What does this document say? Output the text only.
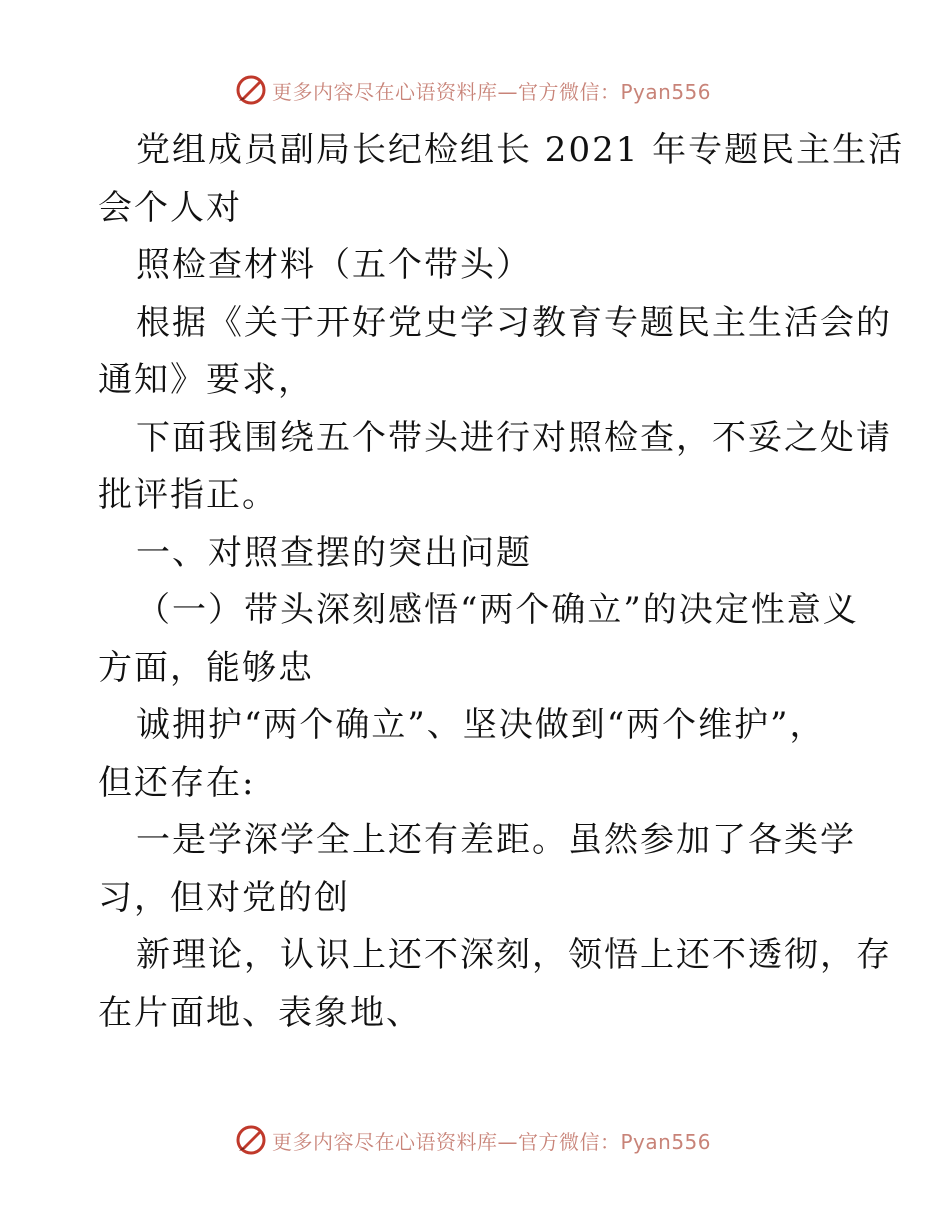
更多内容尽在心语资料库—官方微信：Pyan556

党组成员副局长纪检组长 2021 年专题民主生活

会个人对

照检查材料（五个带头）

根据《关于开好党史学习教育专题民主生活会的

通知》要求，

下面我围绕五个带头进行对照检查，不妥之处请

批评指正。

一、对照查摆的突出问题

（一）带头深刻感悟“两个确立”的决定性意义

方面，能够忠

诚拥护“两个确立”、坚决做到“两个维护”，

但还存在:

一是学深学全上还有差距。虽然参加了各类学

习，但对党的创

新理论，认识上还不深刻，领悟上还不透彻，存

在片面地、表象地、

更多内容尽在心语资料库—官方微信：Pyan556
